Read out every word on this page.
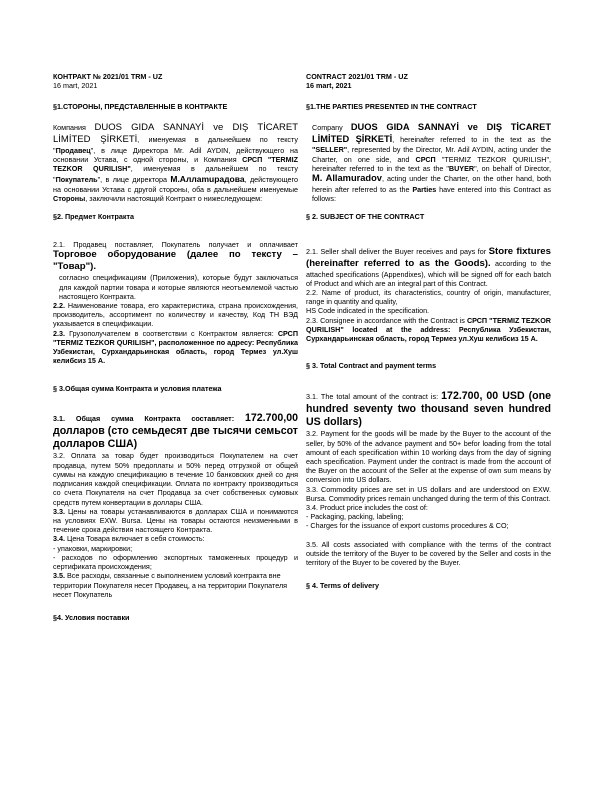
КОНТРАКТ № 2021/01 TRM - UZ

16 mart, 2021

§1.СТОРОНЫ, ПРЕДСТАВЛЕННЫЕ В КОНТРАКТЕ

Компания DUOS GIDA SANNAYİ ve DIŞ TİCARET LİMİTED ŞİRKETİ, именуемая в дальнейшем по тексту "Продавец", в лице Директора Mr. Adil AYDIN, действующего на основании Устава, с одной стороны, и Компания СРСП "TERMIZ TEZKOR QURILISH", именуемая в дальнейшем по тексту "Покупатель", в лице директора М.Аллamuрадова, действующего на основании Устава с другой стороны, оба в дальнейшем именуемые Стороны, заключили настоящий Контракт о нижеследующем:

§2. Предмет Контракта

2.1. Продавец поставляет, Покупатель получает и оплачивает Торговое оборудование (далее по тексту – "Товар").

согласно спецификациям (Приложения), которые будут заключаться для каждой партии товара и которые являются неотъемлемой частью настоящего Контракта.

2.2. Наименование товара, его характеристика, страна происхождения, производитель, ассортимент по количеству и качеству, Код ТН ВЭД указывается в спецификации.

2.3. Грузополучателем в соответствии с Контрактом является: СРСП "TERMIZ TEZKOR QURILISH", расположенное по адресу: Республика Узбекистан, Сурхандарьинская область, город Термез ул.Хуш келибсиз 15 А.

§ 3.Общая сумма Контракта и условия платежа

3.1. Общая сумма Контракта составляет: 172.700,00 долларов (сто семьдесят две тысячи семьсот долларов США)

3.2. Оплата за товар будет производиться Покупателем на счет продавца, путем 50% предоплаты и 50% перед отгрузкой от общей суммы на каждую спецификацию в течение 10 банковских дней со дня подписания каждой спецификации. Оплата по контракту производиться со счета Покупателя на счет Продавца за счет собственных сумовых средств путем конвертации в доллары США.

3.3. Цены на товары устанавливаются в долларах США и понимаются на условиях EXW. Bursa. Цены на товары остаются неизменными в течение срока действия настоящего Контракта.

3.4. Цена Товара включает в себя стоимость:

- упаковки, маркировки;

- расходов по оформлению экспортных таможенных процедур и сертификата происхождения;

3.5. Все расходы, связанные с выполнением условий контракта вне территории Покупателя несет Продавец, а на территории Покупателя несет Покупатель

§4. Условия поставки

CONTRACT 2021/01 TRM - UZ

16 mart, 2021

§1.THE PARTIES PRESENTED IN THE CONTRACT

Company DUOS GIDA SANNAYİ ve DIŞ TİCARET LİMİTED ŞİRKETİ, hereinafter referred to in the text as the "SELLER", represented by the Director, Mr. Adil AYDIN, acting under the Charter, on one side, and СРСП "TERMIZ TEZKOR QURILISH", hereinafter referred to in the text as the "BUYER", on behalf of Director, M. Allamuradov, acting under the Charter, on the other hand, both herein after referred to as the Parties have entered into this Contract as follows:

§ 2. SUBJECT OF THE CONTRACT

2.1. Seller shall deliver the Buyer receives and pays for Store fixtures (hereinafter referred to as the Goods). according to the attached specifications (Appendixes), which will be signed off for each batch of Product and which are an integral part of this Contract.

2.2. Name of product, its characteristics, country of origin, manufacturer, range in quantity and quality,

HS Code indicated in the specification.

2.3. Consignee in accordance with the Contract is СРСП "TERMIZ TEZKOR QURILISH" located at the address: Республика Узбекистан, Сурхандарьинская область, город Термез ул.Хуш келибсиз 15 А.

§ 3. Total Contract and payment terms

3.1. The total amount of the contract is: 172.700, 00 USD (one hundred seventy two thousand seven hundred US dollars)

3.2. Payment for the goods will be made by the Buyer to the account of the seller, by 50% of the advance payment and 50+ befor loading from the total amount of each specification within 10 working days from the day of signing each specification. Payment under the contract is made from the account of the Buyer on the account of the Seller at the expense of own sum means by conversion into US dollars.

3.3. Commodity prices are set in US dollars and are understood on EXW. Bursa. Commodity prices remain unchanged during the term of this Contract.

3.4. Product price includes the cost of:

- Packaging, packing, labeling;

- Charges for the issuance of export customs procedures & CO;

3.5. All costs associated with compliance with the terms of the contract outside the territory of the Buyer to be covered by the Seller and costs in the territory of the Buyer to be covered by the Buyer.

§ 4. Terms of delivery
